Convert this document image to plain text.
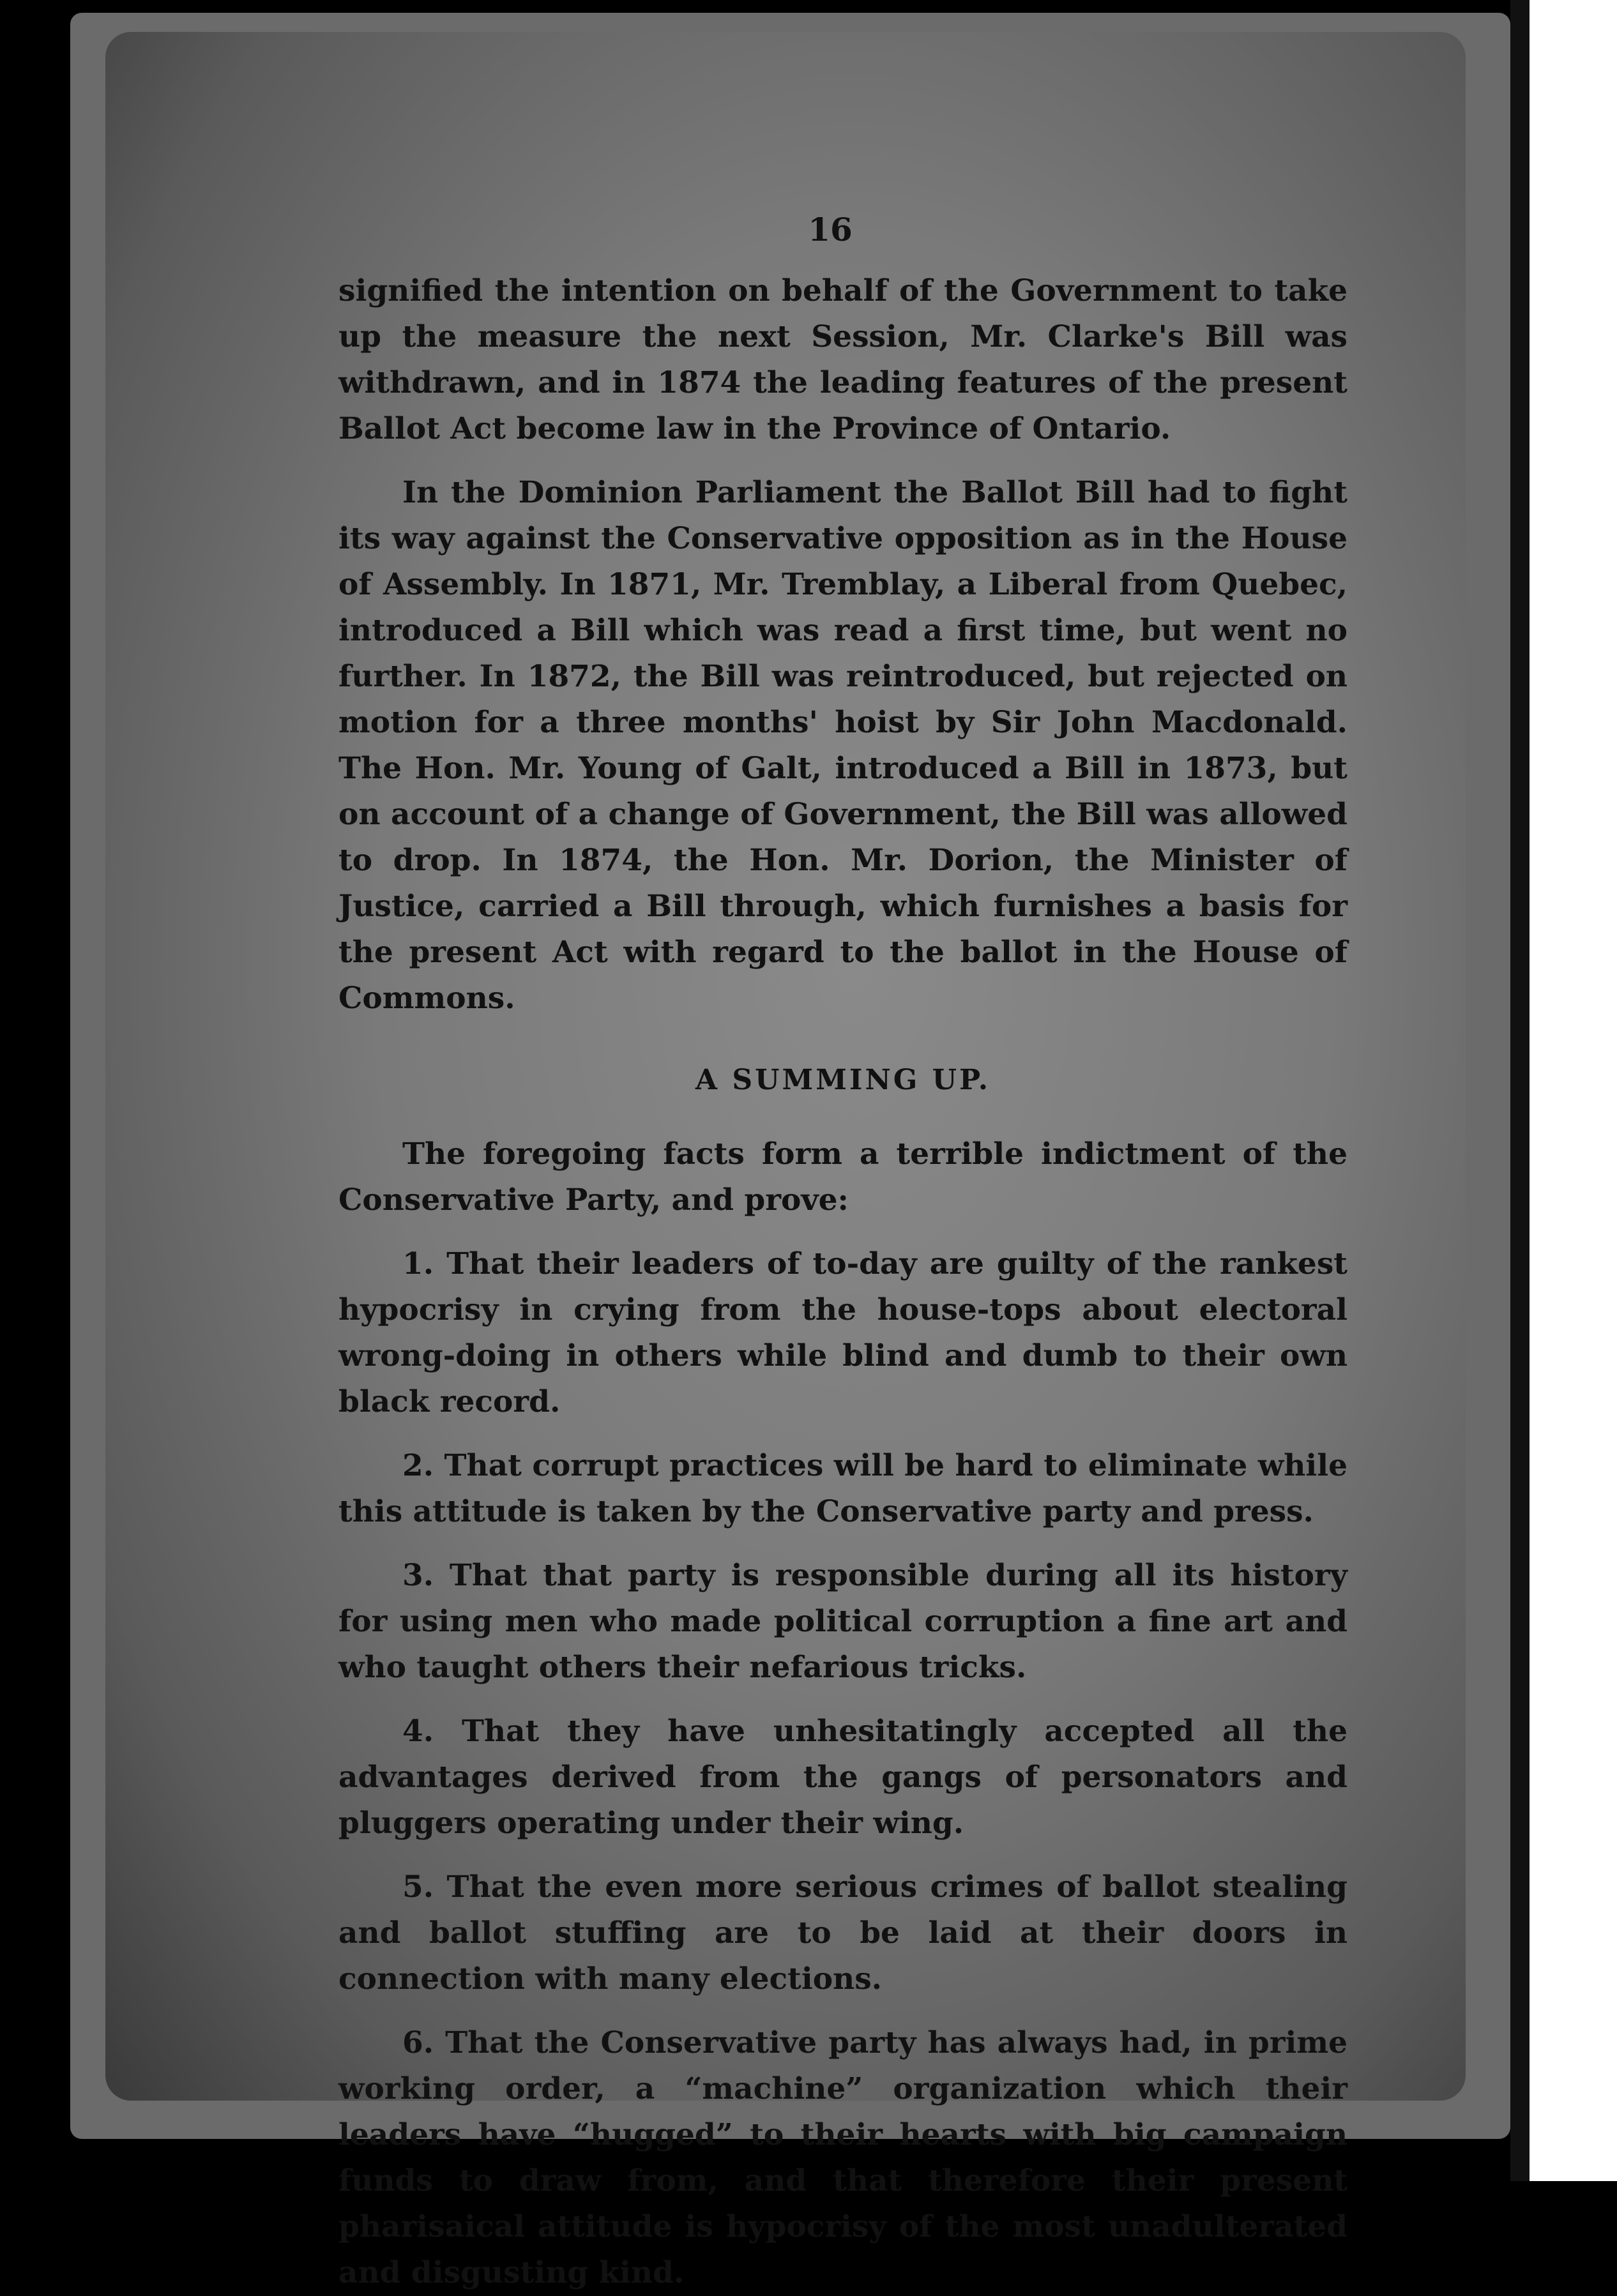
16

signified the intention on behalf of the Government to take up the measure the next Session, Mr. Clarke's Bill was withdrawn, and in 1874 the leading features of the present Ballot Act become law in the Province of Ontario.

In the Dominion Parliament the Ballot Bill had to fight its way against the Conservative opposition as in the House of Assembly. In 1871, Mr. Tremblay, a Liberal from Quebec, introduced a Bill which was read a first time, but went no further. In 1872, the Bill was reintroduced, but rejected on motion for a three months' hoist by Sir John Macdonald. The Hon. Mr. Young of Galt, introduced a Bill in 1873, but on account of a change of Government, the Bill was allowed to drop. In 1874, the Hon. Mr. Dorion, the Minister of Justice, carried a Bill through, which furnishes a basis for the present Act with regard to the ballot in the House of Commons.

A SUMMING UP.

The foregoing facts form a terrible indictment of the Conservative Party, and prove:

1. That their leaders of to-day are guilty of the rankest hypocrisy in crying from the house-tops about electoral wrong-doing in others while blind and dumb to their own black record.

2. That corrupt practices will be hard to eliminate while this attitude is taken by the Conservative party and press.

3. That that party is responsible during all its history for using men who made political corruption a fine art and who taught others their nefarious tricks.

4. That they have unhesitatingly accepted all the advantages derived from the gangs of personators and pluggers operating under their wing.

5. That the even more serious crimes of ballot stealing and ballot stuffing are to be laid at their doors in connection with many elections.

6. That the Conservative party has always had, in prime working order, a “machine” organization which their leaders have “hugged” to their hearts with big campaign funds to draw from, and that therefore their present pharisaical attitude is hypocrisy of the most unadulterated and disgusting kind.
